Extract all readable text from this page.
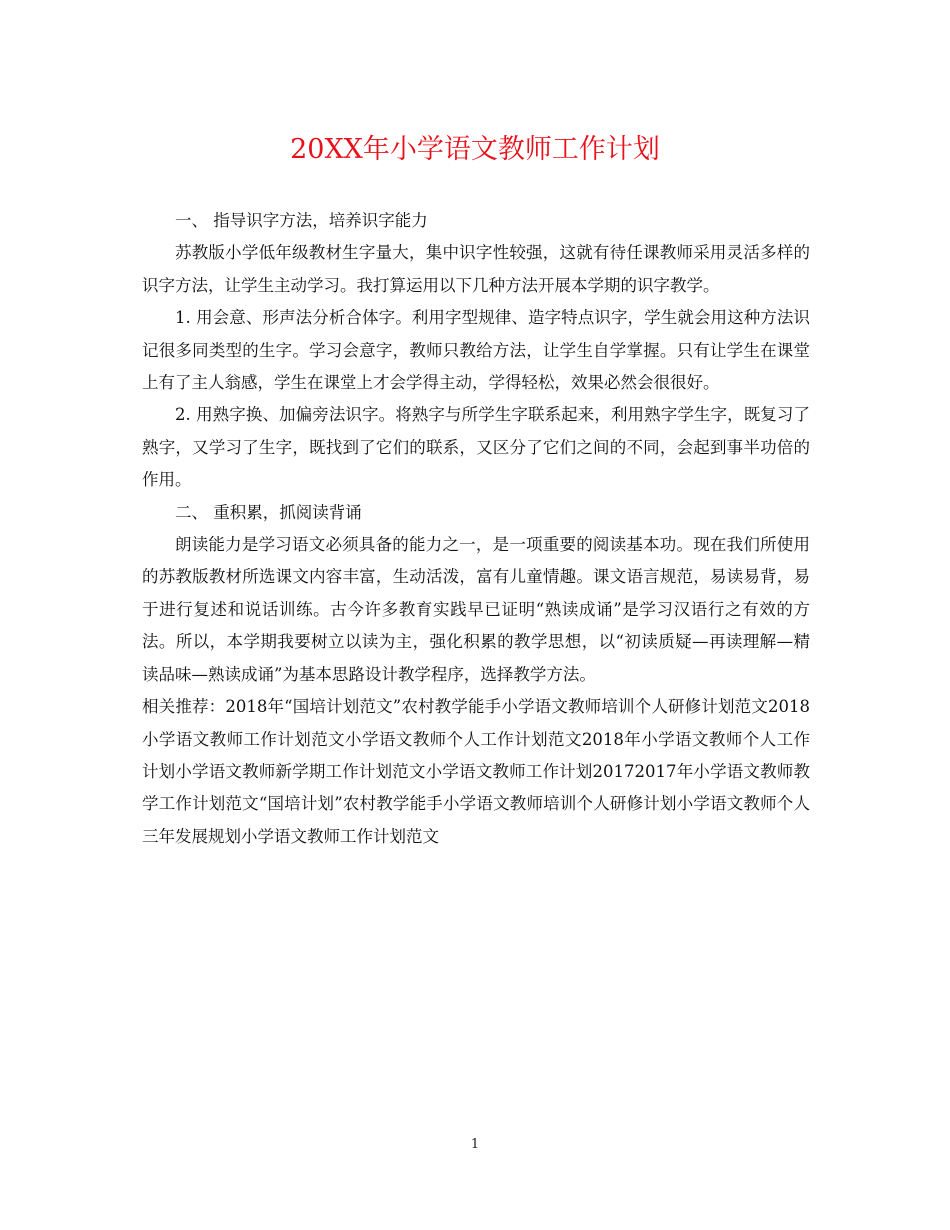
20XX年小学语文教师工作计划

一、 指导识字方法，培养识字能力

苏教版小学低年级教材生字量大，集中识字性较强，这就有待任课教师采用灵活多样的识字方法，让学生主动学习。我打算运用以下几种方法开展本学期的识字教学。

1. 用会意、形声法分析合体字。利用字型规律、造字特点识字，学生就会用这种方法识记很多同类型的生字。学习会意字，教师只教给方法，让学生自学掌握。只有让学生在课堂上有了主人翁感，学生在课堂上才会学得主动，学得轻松，效果必然会很很好。

2. 用熟字换、加偏旁法识字。将熟字与所学生字联系起来，利用熟字学生字，既复习了熟字，又学习了生字，既找到了它们的联系，又区分了它们之间的不同，会起到事半功倍的作用。

二、 重积累，抓阅读背诵

朗读能力是学习语文必须具备的能力之一，是一项重要的阅读基本功。现在我们所使用的苏教版教材所选课文内容丰富，生动活泼，富有儿童情趣。课文语言规范，易读易背，易于进行复述和说话训练。古今许多教育实践早已证明“熟读成诵”是学习汉语行之有效的方法。所以，本学期我要树立以读为主，强化积累的教学思想，以“初读质疑—再读理解—精读品味—熟读成诵”为基本思路设计教学程序，选择教学方法。

相关推荐：2018年“国培计划范文”农村教学能手小学语文教师培训个人研修计划范文2018小学语文教师工作计划范文小学语文教师个人工作计划范文2018年小学语文教师个人工作计划小学语文教师新学期工作计划范文小学语文教师工作计划20172017年小学语文教师教学工作计划范文“国培计划”农村教学能手小学语文教师培训个人研修计划小学语文教师个人三年发展规划小学语文教师工作计划范文

1
